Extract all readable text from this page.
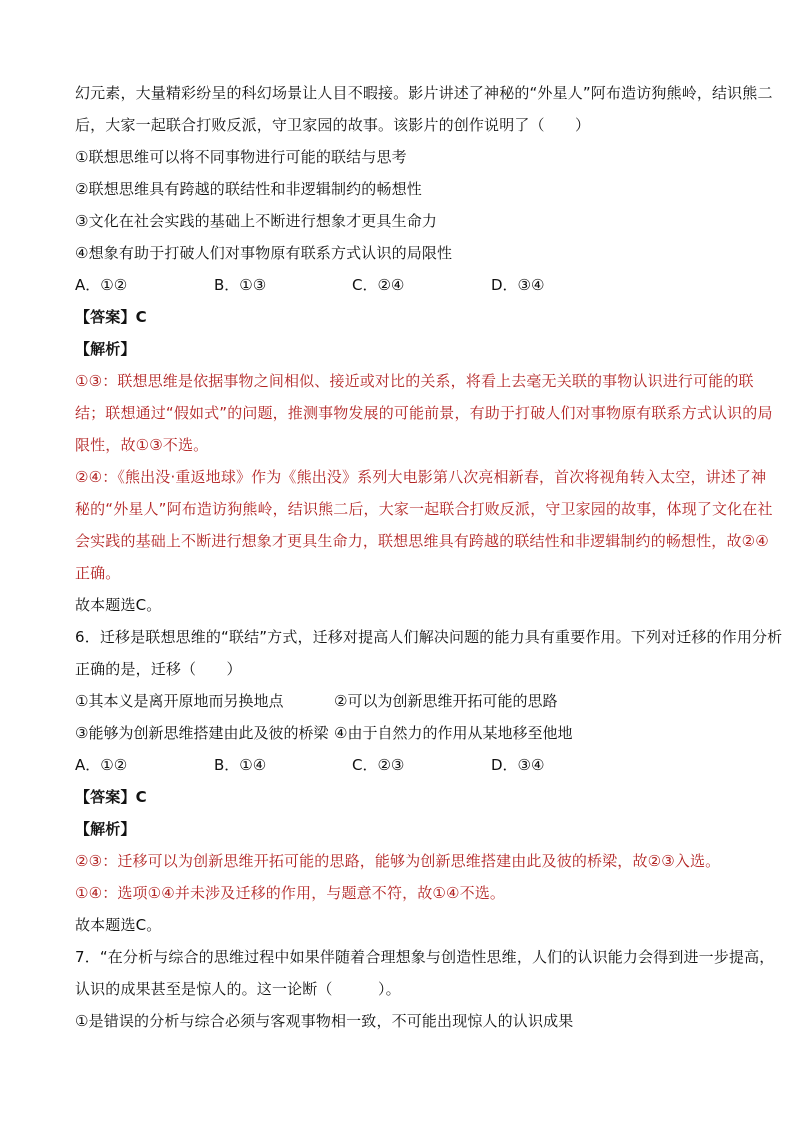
幻元素，大量精彩纷呈的科幻场景让人目不暇接。影片讲述了神秘的“外星人”阿布造访狗熊岭，结识熊二
后，大家一起联合打败反派，守卫家园的故事。该影片的创作说明了（　　）
①联想思维可以将不同事物进行可能的联结与思考
②联想思维具有跨越的联结性和非逻辑制约的畅想性
③文化在社会实践的基础上不断进行想象才更具生命力
④想象有助于打破人们对事物原有联系方式认识的局限性
A．①②	B．①③	C．②④	D．③④
【答案】C
【解析】
①③：联想思维是依据事物之间相似、接近或对比的关系，将看上去毫无关联的事物认识进行可能的联
结；联想通过“假如式”的问题，推测事物发展的可能前景，有助于打破人们对事物原有联系方式认识的局
限性，故①③不选。
②④：《熊出没·重返地球》作为《熊出没》系列大电影第八次亮相新春，首次将视角转入太空，讲述了神
秘的“外星人”阿布造访狗熊岭，结识熊二后，大家一起联合打败反派，守卫家园的故事，体现了文化在社
会实践的基础上不断进行想象才更具生命力，联想思维具有跨越的联结性和非逻辑制约的畅想性，故②④
正确。
故本题选C。
6．迁移是联想思维的“联结”方式，迁移对提高人们解决问题的能力具有重要作用。下列对迁移的作用分析
正确的是，迁移（　　）
①其本义是离开原地而另换地点	②可以为创新思维开拓可能的思路
③能够为创新思维搭建由此及彼的桥梁 ④由于自然力的作用从某地移至他地
A．①②	B．①④	C．②③	D．③④
【答案】C
【解析】
②③：迁移可以为创新思维开拓可能的思路，能够为创新思维搭建由此及彼的桥梁，故②③入选。
①④：选项①④并未涉及迁移的作用，与题意不符，故①④不选。
故本题选C。
7．“在分析与综合的思维过程中如果伴随着合理想象与创造性思维，人们的认识能力会得到进一步提高，
认识的成果甚至是惊人的。这一论断（　　　）。
①是错误的分析与综合必须与客观事物相一致，不可能出现惊人的认识成果
